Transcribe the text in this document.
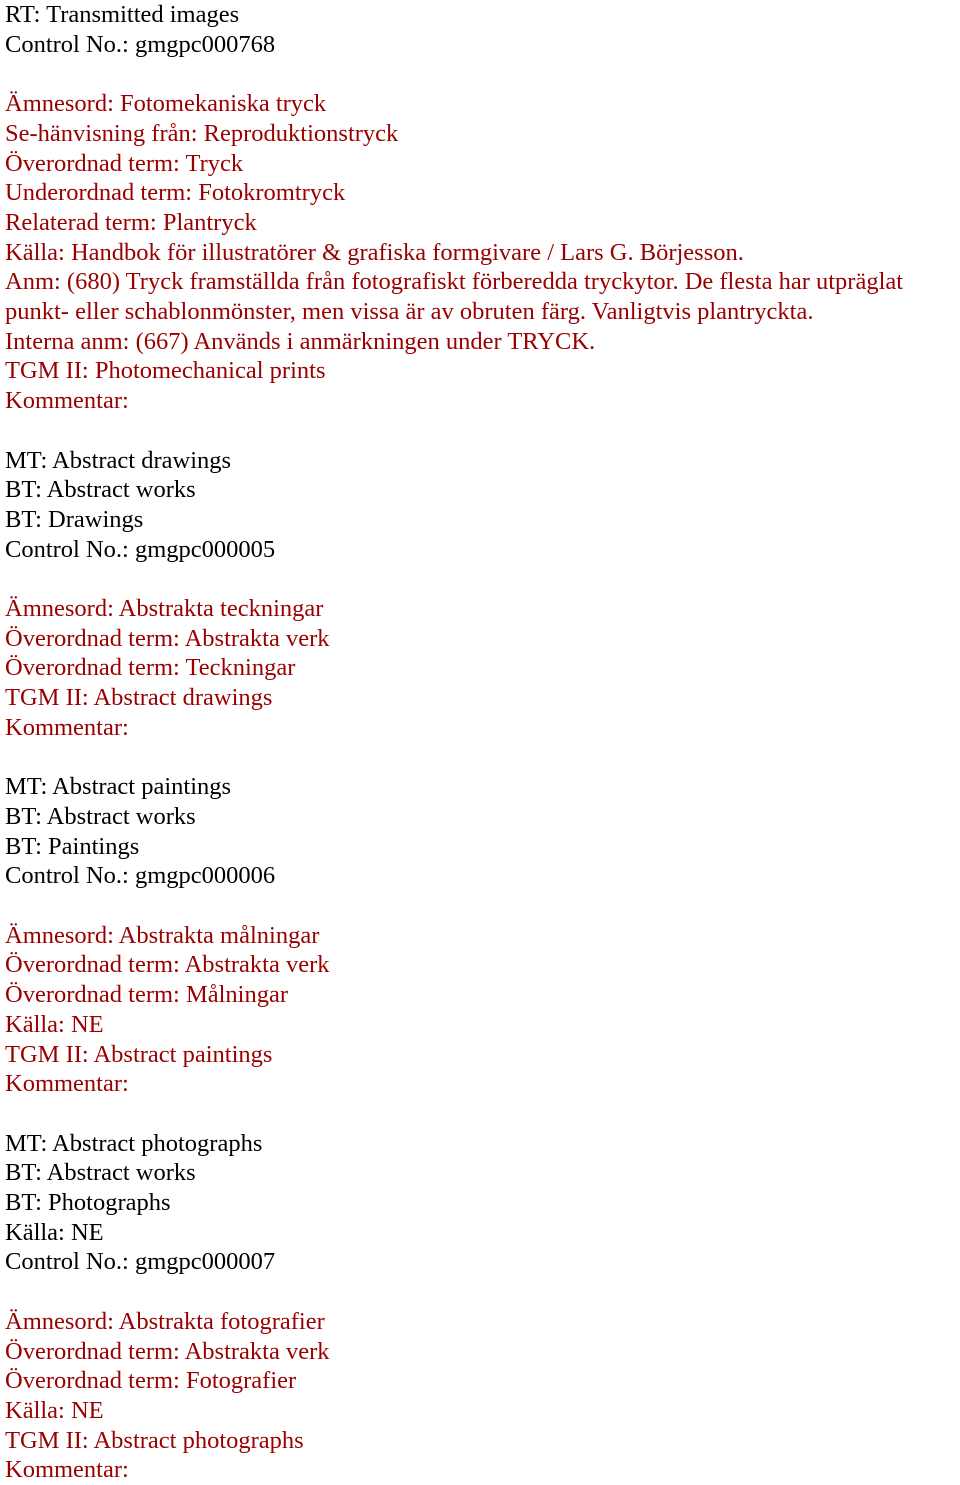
RT: Transmitted images
Control No.: gmgpc000768
Ämnesord: Fotomekaniska tryck
Se-hänvisning från: Reproduktionstryck
Överordnad term: Tryck
Underordnad term: Fotokromtryck
Relaterad term: Plantryck
Källa: Handbok för illustratörer & grafiska formgivare / Lars G. Börjesson.
Anm: (680) Tryck framställda från fotografiskt förberedda tryckytor. De flesta har utpräglat punkt- eller schablonmönster, men vissa är av obruten färg. Vanligtvis plantryckta.
Interna anm: (667) Används i anmärkningen under TRYCK.
TGM II: Photomechanical prints
Kommentar:
MT: Abstract drawings
BT: Abstract works
BT: Drawings
Control No.: gmgpc000005
Ämnesord: Abstrakta teckningar
Överordnad term: Abstrakta verk
Överordnad term: Teckningar
TGM II: Abstract drawings
Kommentar:
MT: Abstract paintings
BT: Abstract works
BT: Paintings
Control No.: gmgpc000006
Ämnesord: Abstrakta målningar
Överordnad term: Abstrakta verk
Överordnad term: Målningar
Källa: NE
TGM II: Abstract paintings
Kommentar:
MT: Abstract photographs
BT: Abstract works
BT: Photographs
Källa: NE
Control No.: gmgpc000007
Ämnesord: Abstrakta fotografier
Överordnad term: Abstrakta verk
Överordnad term: Fotografier
Källa: NE
TGM II: Abstract photographs
Kommentar:
